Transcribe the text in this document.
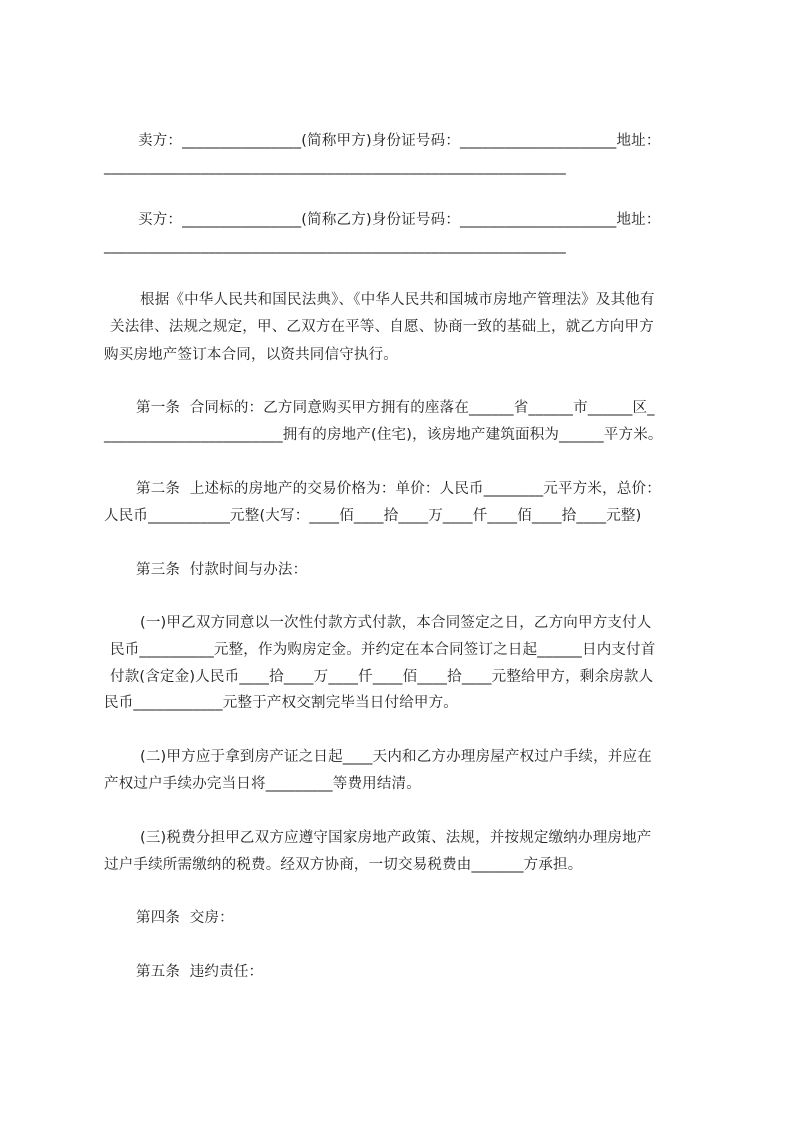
卖方：________________(简称甲方)身份证号码：_____________________地址：
______________________________________________________________
买方：________________(简称乙方)身份证号码：_____________________地址：
______________________________________________________________
根据《中华人民共和国民法典》、《中华人民共和国城市房地产管理法》及其他有
关法律、法规之规定，甲、乙双方在平等、自愿、协商一致的基础上，就乙方向甲方
购买房地产签订本合同，以资共同信守执行。
第一条  合同标的：乙方同意购买甲方拥有的座落在______省______市______区_
________________________拥有的房地产(住宅)，该房地产建筑面积为______平方米。
第二条  上述标的房地产的交易价格为：单价：人民币________元平方米，总价：
人民币___________元整(大写：____佰____拾____万____仟____佰____拾____元整)
第三条  付款时间与办法：
(一)甲乙双方同意以一次性付款方式付款，本合同签定之日，乙方向甲方支付人
民币__________元整，作为购房定金。并约定在本合同签订之日起______日内支付首
付款(含定金)人民币____拾____万____仟____佰____拾____元整给甲方，剩余房款人
民币____________元整于产权交割完毕当日付给甲方。
(二)甲方应于拿到房产证之日起____天内和乙方办理房屋产权过户手续，并应在
产权过户手续办完当日将_________等费用结清。
(三)税费分担甲乙双方应遵守国家房地产政策、法规，并按规定缴纳办理房地产
过户手续所需缴纳的税费。经双方协商，一切交易税费由_______方承担。
第四条  交房：
第五条  违约责任：
